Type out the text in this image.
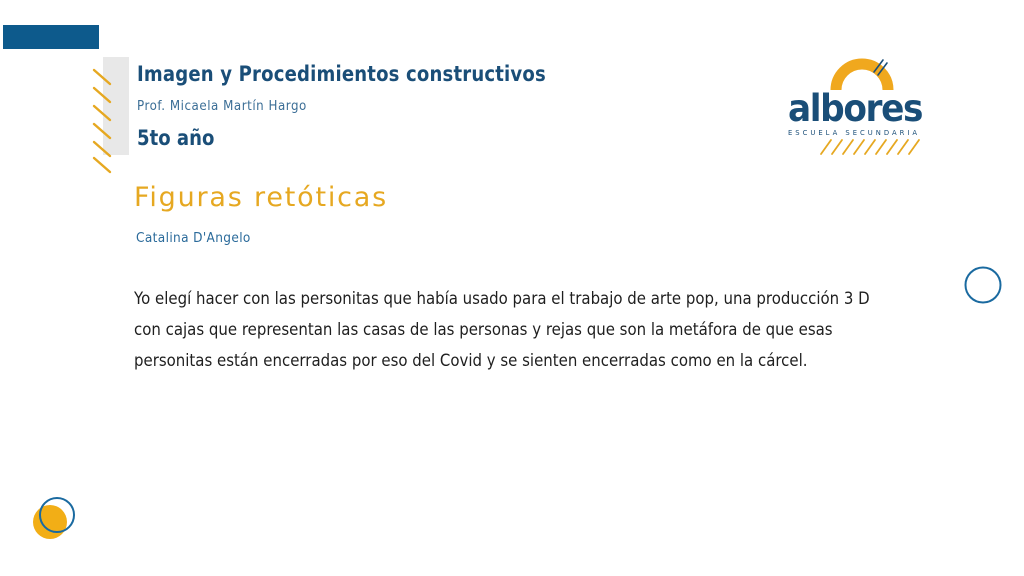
Imagen y Procedimientos constructivos
Prof. Micaela Martín Hargo
5to año
Figuras retóticas
Catalina D'Angelo
Yo elegí hacer con las personitas que había usado para el trabajo de arte pop, una producción 3 D con cajas que representan las casas de las personas y rejas que son la metáfora de que esas personitas están encerradas por eso del Covid y se sienten encerradas como en la cárcel.
albores
ESCUELA SECUNDARIA
